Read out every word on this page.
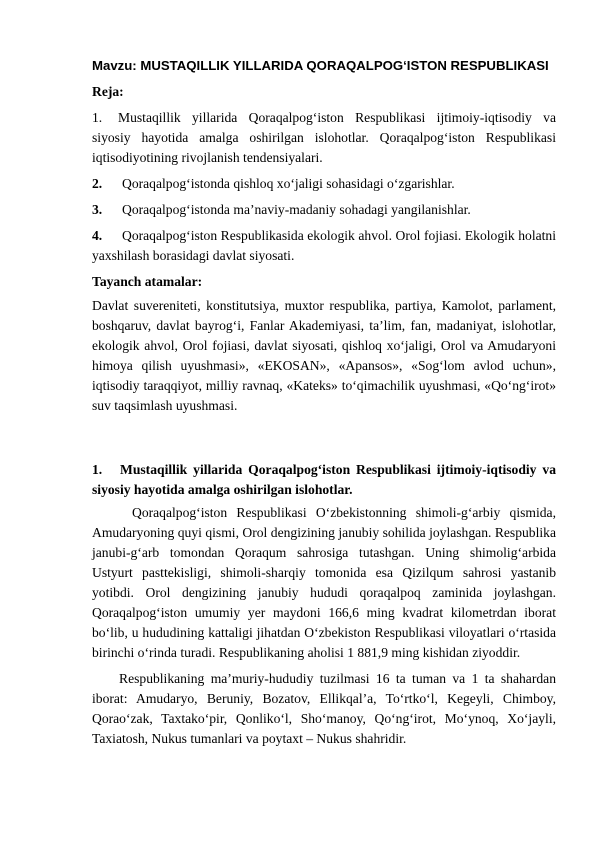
Mavzu: MUSTAQILLIK YILLARIDA QORAQALPOG‘ISTON RESPUBLIKASI

Reja:

1. Mustaqillik yillarida Qoraqalpog‘iston Respublikasi ijtimoiy-iqtisodiy va siyosiy hayotida amalga oshirilgan islohotlar. Qoraqalpog‘iston Respublikasi iqtisodiyotining rivojlanish tendensiyalari.

2. Qoraqalpog‘istonda qishloq xo‘jaligi sohasidagi o‘zgarishlar.

3. Qoraqalpog‘istonda ma’naviy-madaniy sohadagi yangilanishlar.

4. Qoraqalpog‘iston Respublikasida ekologik ahvol. Orol fojiasi. Ekologik holatni yaxshilash borasidagi davlat siyosati.

Tayanch atamalar:

Davlat suvereniteti, konstitutsiya, muxtor respublika, partiya, Kamolot, parlament, boshqaruv, davlat bayrog‘i, Fanlar Akademiyasi, ta’lim, fan, madaniyat, islohotlar, ekologik ahvol, Orol fojiasi, davlat siyosati, qishloq xo‘jaligi, Orol va Amudaryoni himoya qilish uyushmasi», «EKOSAN», «Apansos», «Sog‘lom avlod uchun», iqtisodiy taraqqiyot, milliy ravnaq, «Kateks» to‘qimachilik uyushmasi, «Qo‘ng‘irot» suv taqsimlash uyushmasi.

1. Mustaqillik yillarida Qoraqalpog‘iston Respublikasi ijtimoiy-iqtisodiy va siyosiy hayotida amalga oshirilgan islohotlar.

Qoraqalpog‘iston Respublikasi O‘zbekistonning shimoli-g‘arbiy qismida, Amudaryoning quyi qismi, Orol dengizining janubiy sohilida joylashgan. Respublika janubi-g‘arb tomondan Qoraqum sahrosiga tutashgan. Uning shimolig‘arbida Ustyurt pasttekisligi, shimoli-sharqiy tomonida esa Qizilqum sahrosi yastanib yotibdi. Orol dengizining janubiy hududi qoraqalpoq zaminida joylashgan. Qoraqalpog‘iston umumiy yer maydoni 166,6 ming kvadrat kilometrdan iborat bo‘lib, u hududining kattaligi jihatdan O‘zbekiston Respublikasi viloyatlari o‘rtasida birinchi o‘rinda turadi. Respublikaning aholisi 1 881,9 ming kishidan ziyoddir.

Respublikaning ma’muriy-hududiy tuzilmasi 16 ta tuman va 1 ta shahardan iborat: Amudaryo, Beruniy, Bozatov, Ellikqal’a, To‘rtko‘l, Kegeyli, Chimboy, Qorao‘zak, Taxtako‘pir, Qonliko‘l, Sho‘manoy, Qo‘ng‘irot, Mo‘ynoq, Xo‘jayli, Taxiatosh, Nukus tumanlari va poytaxt – Nukus shahridir.
